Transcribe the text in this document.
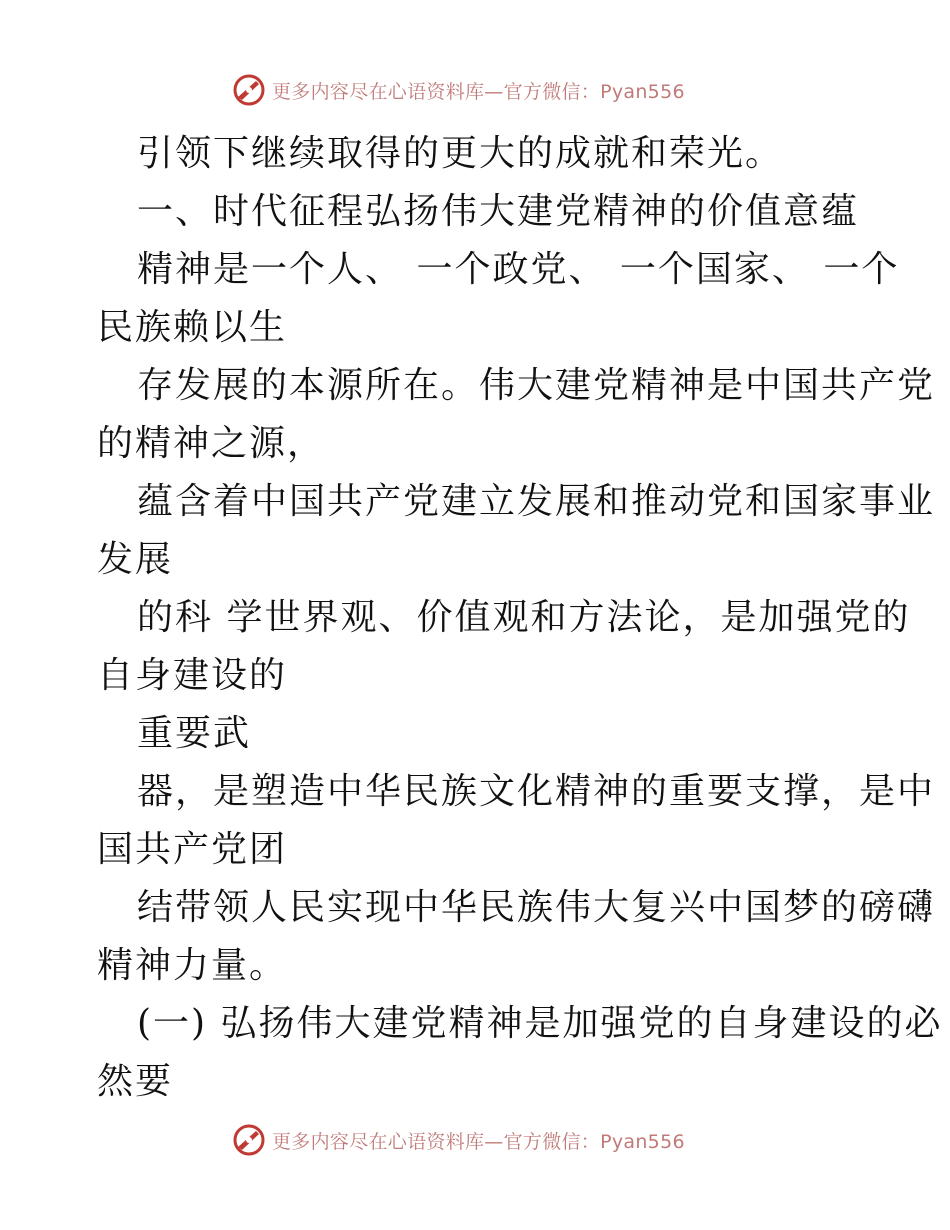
更多内容尽在心语资料库—官方微信：Pyan556
引领下继续取得的更大的成就和荣光。
一、时代征程弘扬伟大建党精神的价值意蕴
精神是一个人、 一个政党、 一个国家、 一个
民族赖以生
存发展的本源所在。伟大建党精神是中国共产党
的精神之源，
蕴含着中国共产党建立发展和推动党和国家事业
发展
的科 学世界观、价值观和方法论，是加强党的
自身建设的
重要武
器，是塑造中华民族文化精神的重要支撑，是中
国共产党团
结带领人民实现中华民族伟大复兴中国梦的磅礴
精神力量。
(一) 弘扬伟大建党精神是加强党的自身建设的必
然要
更多内容尽在心语资料库—官方微信：Pyan556
